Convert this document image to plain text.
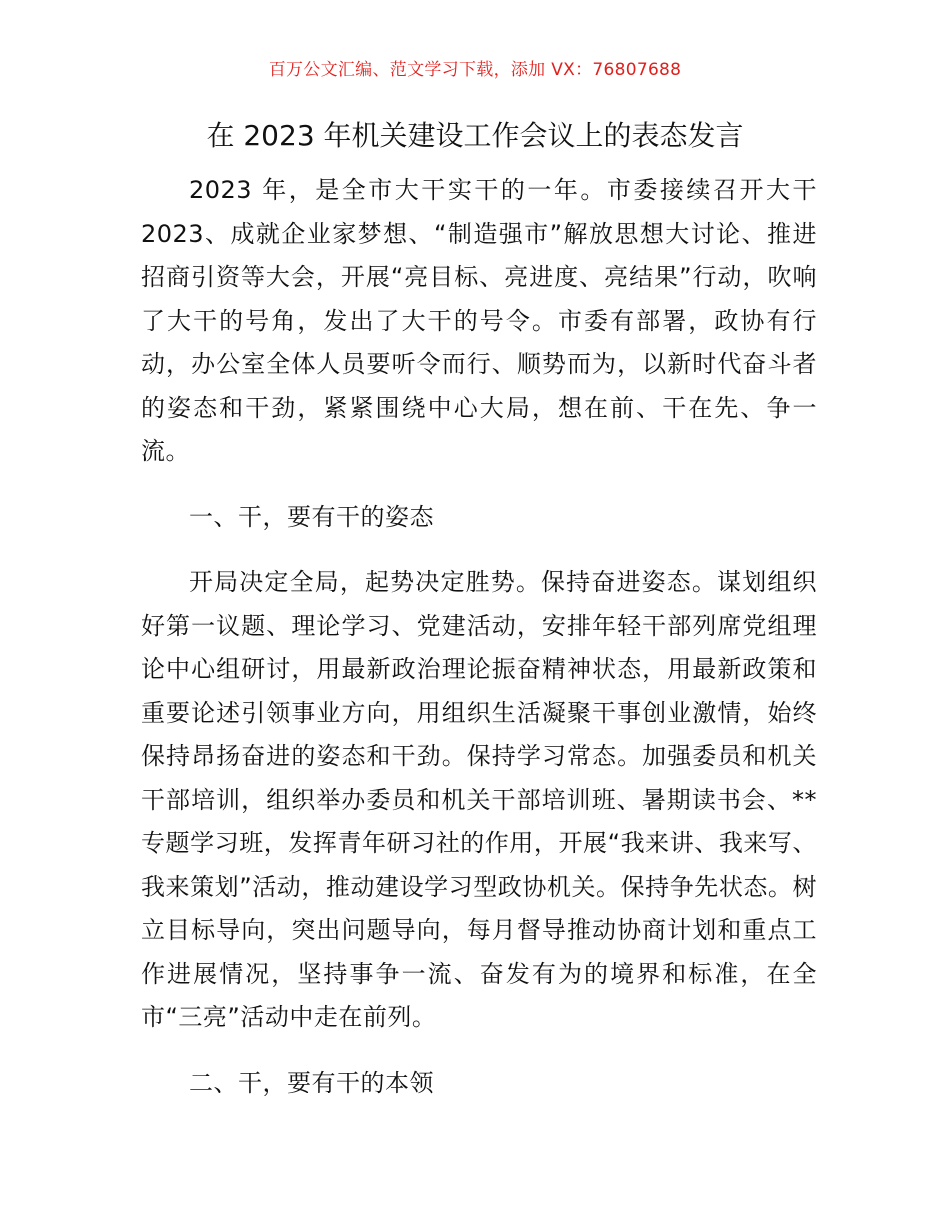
百万公文汇编、范文学习下载，添加 VX：76807688
在 2023 年机关建设工作会议上的表态发言

2023 年，是全市大干实干的一年。市委接续召开大干 2023、成就企业家梦想、“制造强市”解放思想大讨论、推进招商引资等大会，开展“亮目标、亮进度、亮结果”行动，吹响了大干的号角，发出了大干的号令。市委有部署，政协有行动，办公室全体人员要听令而行、顺势而为，以新时代奋斗者的姿态和干劲，紧紧围绕中心大局，想在前、干在先、争一流。

一、干，要有干的姿态

开局决定全局，起势决定胜势。保持奋进姿态。谋划组织好第一议题、理论学习、党建活动，安排年轻干部列席党组理论中心组研讨，用最新政治理论振奋精神状态，用最新政策和重要论述引领事业方向，用组织生活凝聚干事创业激情，始终保持昂扬奋进的姿态和干劲。保持学习常态。加强委员和机关干部培训，组织举办委员和机关干部培训班、暑期读书会、**专题学习班，发挥青年研习社的作用，开展“我来讲、我来写、我来策划”活动，推动建设学习型政协机关。保持争先状态。树立目标导向，突出问题导向，每月督导推动协商计划和重点工作进展情况，坚持事争一流、奋发有为的境界和标准，在全市“三亮”活动中走在前列。

二、干，要有干的本领
